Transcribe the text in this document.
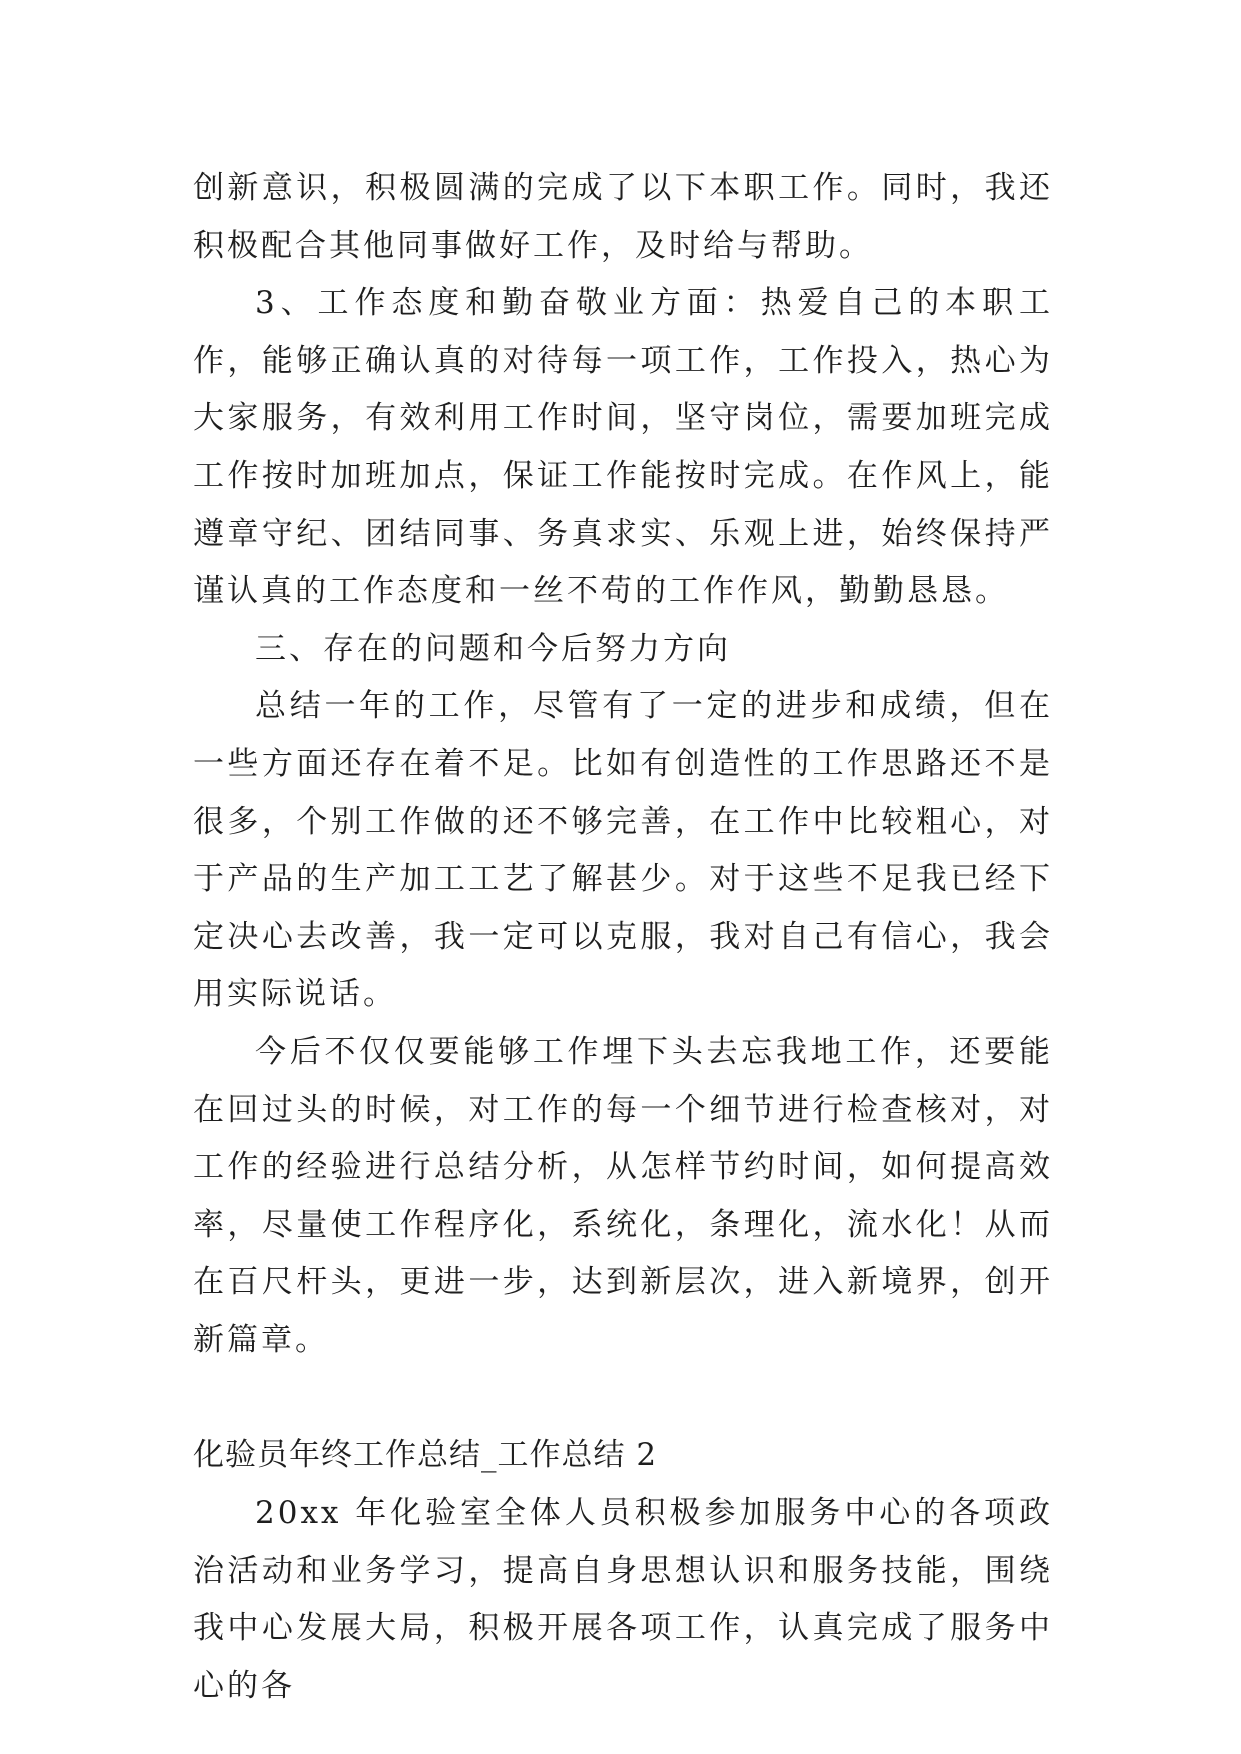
创新意识，积极圆满的完成了以下本职工作。同时，我还积极配合其他同事做好工作，及时给与帮助。

3、工作态度和勤奋敬业方面：热爱自己的本职工作，能够正确认真的对待每一项工作，工作投入，热心为大家服务，有效利用工作时间，坚守岗位，需要加班完成工作按时加班加点，保证工作能按时完成。在作风上，能遵章守纪、团结同事、务真求实、乐观上进，始终保持严谨认真的工作态度和一丝不苟的工作作风，勤勤恳恳。

三、存在的问题和今后努力方向

总结一年的工作，尽管有了一定的进步和成绩，但在一些方面还存在着不足。比如有创造性的工作思路还不是很多，个别工作做的还不够完善，在工作中比较粗心，对于产品的生产加工工艺了解甚少。对于这些不足我已经下定决心去改善，我一定可以克服，我对自己有信心，我会用实际说话。

今后不仅仅要能够工作埋下头去忘我地工作，还要能在回过头的时候，对工作的每一个细节进行检查核对，对工作的经验进行总结分析，从怎样节约时间，如何提高效率，尽量使工作程序化，系统化，条理化，流水化！从而在百尺杆头，更进一步，达到新层次，进入新境界，创开新篇章。

化验员年终工作总结_工作总结 2

20xx 年化验室全体人员积极参加服务中心的各项政治活动和业务学习，提高自身思想认识和服务技能，围绕我中心发展大局，积极开展各项工作，认真完成了服务中心的各
